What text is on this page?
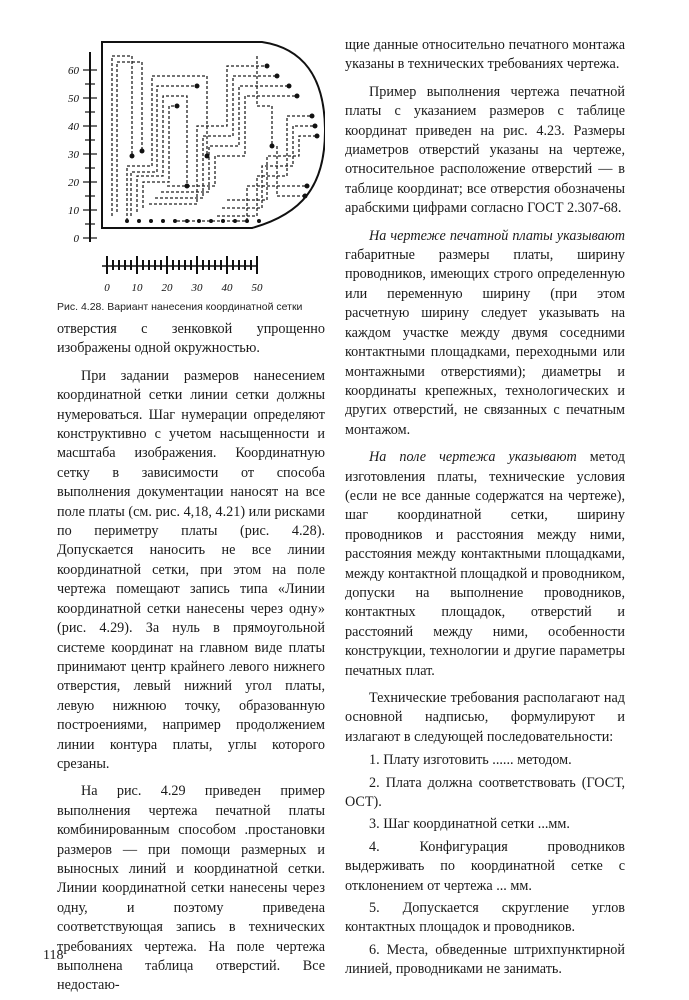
60
50
40
30
20
10
0
0 10 20 30 40 50
Рис. 4.28. Вариант нанесения координатной сетки

отверстия с зенковкой упрощенно изображены одной окружностью.

При задании размеров нанесением координатной сетки линии сетки должны нумероваться. Шаг нумерации определяют конструктивно с учетом насыщенности и масштаба изображения. Координатную сетку в зависимости от способа выполнения документации наносят на все поле платы (см. рис. 4,18, 4.21) или рисками по периметру платы (рис. 4.28). Допускается наносить не все линии координатной сетки, при этом на поле чертежа помещают запись типа «Линии координатной сетки нанесены через одну» (рис. 4.29). За нуль в прямоугольной системе координат на главном виде платы принимают центр крайнего левого нижнего отверстия, левый нижний угол платы, левую нижнюю точку, образованную построениями, например продолжением линии контура платы, углы которого срезаны.

На рис. 4.29 приведен пример выполнения чертежа печатной платы комбинированным способом .простановки размеров — при помощи размерных и выносных линий и координатной сетки. Линии координатной сетки нанесены через одну, и поэтому приведена соответствующая запись в технических требованиях чертежа. На поле чертежа выполнена таблица отверстий. Все недостаю-

щие данные относительно печатного монтажа указаны в технических требованиях чертежа.

Пример выполнения чертежа печатной платы с указанием размеров с таблице координат приведен на рис. 4.23. Размеры диаметров отверстий указаны на чертеже, относительное расположение отверстий — в таблице координат; все отверстия обозначены арабскими цифрами согласно ГОСТ 2.307-68.

На чертеже печатной платы указывают габаритные размеры платы, ширину проводников, имеющих строго определенную или переменную ширину (при этом расчетную ширину следует указывать на каждом участке между двумя соседними контактными площадками, переходными или монтажными отверстиями); диаметры и координаты крепежных, технологических и других отверстий, не связанных с печатным монтажом.

На поле чертежа указывают метод изготовления платы, технические условия (если не все данные содержатся на чертеже), шаг координатной сетки, ширину проводников и расстояния между ними, расстояния между контактными площадками, между контактной площадкой и проводником, допуски на выполнение проводников, контактных площадок, отверстий и расстояний между ними, особенности конструкции, технологии и другие параметры печатных плат.

Технические требования располагают над основной надписью, формулируют и излагают в следующей последовательности:

1. Плату изготовить ...... методом.
2. Плата должна соответствовать (ГОСТ, ОСТ).
3. Шаг координатной сетки ...мм.
4. Конфигурация проводников выдерживать по координатной сетке с отклонением от чертежа ... мм.
5. Допускается скругление углов контактных площадок и проводников.
6. Места, обведенные штрихпунктирной линией, проводниками не занимать.
118
